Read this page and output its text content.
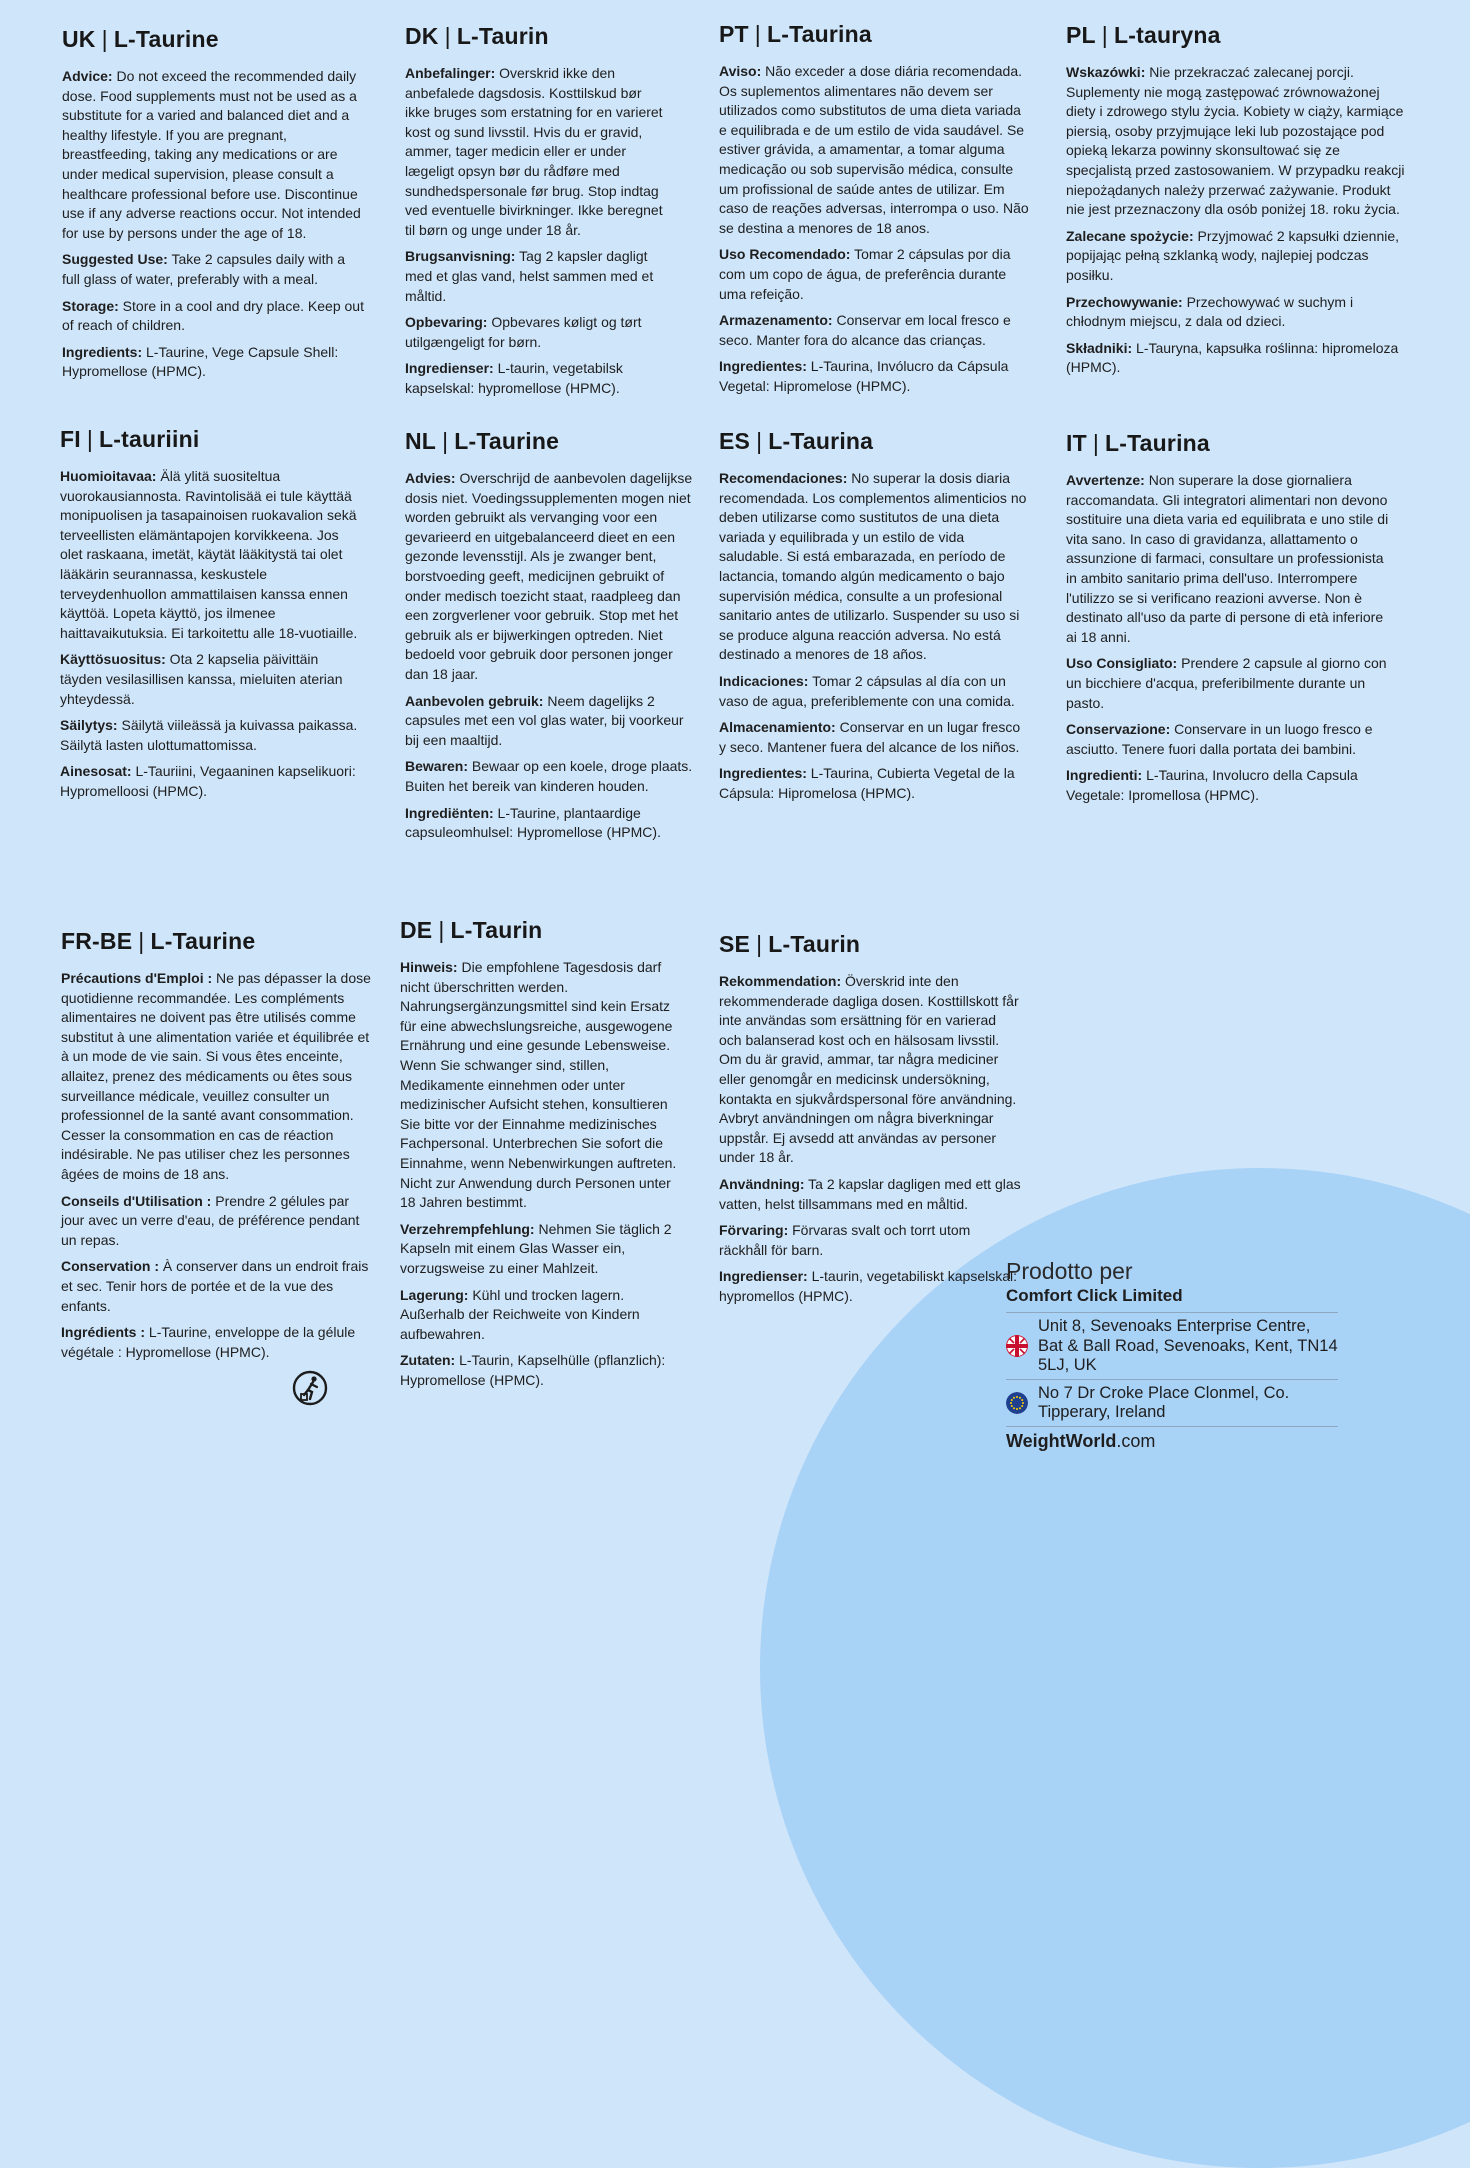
UK | L-Taurine

Advice: Do not exceed the recommended daily dose. Food supplements must not be used as a substitute for a varied and balanced diet and a healthy lifestyle. If you are pregnant, breastfeeding, taking any medications or are under medical supervision, please consult a healthcare professional before use. Discontinue use if any adverse reactions occur. Not intended for use by persons under the age of 18.

Suggested Use: Take 2 capsules daily with a full glass of water, preferably with a meal.

Storage: Store in a cool and dry place. Keep out of reach of children.

Ingredients: L-Taurine, Vege Capsule Shell: Hypromellose (HPMC).

DK | L-Taurin

Anbefalinger: Overskrid ikke den anbefalede dagsdosis. Kosttilskud bør ikke bruges som erstatning for en varieret kost og sund livsstil. Hvis du er gravid, ammer, tager medicin eller er under lægeligt opsyn bør du rådføre med sundhedspersonale før brug. Stop indtag ved eventuelle bivirkninger. Ikke beregnet til børn og unge under 18 år.

Brugsanvisning: Tag 2 kapsler dagligt med et glas vand, helst sammen med et måltid.

Opbevaring: Opbevares køligt og tørt utilgængeligt for børn.

Ingredienser: L-taurin, vegetabilsk kapselskal: hypromellose (HPMC).

PT | L-Taurina

Aviso: Não exceder a dose diária recomendada. Os suplementos alimentares não devem ser utilizados como substitutos de uma dieta variada e equilibrada e de um estilo de vida saudável. Se estiver grávida, a amamentar, a tomar alguma medicação ou sob supervisão médica, consulte um profissional de saúde antes de utilizar. Em caso de reações adversas, interrompa o uso. Não se destina a menores de 18 anos.

Uso Recomendado: Tomar 2 cápsulas por dia com um copo de água, de preferência durante uma refeição.

Armazenamento: Conservar em local fresco e seco. Manter fora do alcance das crianças.

Ingredientes: L-Taurina, Invólucro da Cápsula Vegetal: Hipromelose (HPMC).

PL | L-tauryna

Wskazówki: Nie przekraczać zalecanej porcji. Suplementy nie mogą zastępować zrównoważonej diety i zdrowego stylu życia. Kobiety w ciąży, karmiące piersią, osoby przyjmujące leki lub pozostające pod opieką lekarza powinny skonsultować się ze specjalistą przed zastosowaniem. W przypadku reakcji niepożądanych należy przerwać zażywanie. Produkt nie jest przeznaczony dla osób poniżej 18. roku życia.

Zalecane spożycie: Przyjmować 2 kapsułki dziennie, popijając pełną szklanką wody, najlepiej podczas posiłku.

Przechowywanie: Przechowywać w suchym i chłodnym miejscu, z dala od dzieci.

Składniki: L-Tauryna, kapsułka roślinna: hipromeloza (HPMC).

FI | L-tauriini

Huomioitavaa: Älä ylitä suositeltua vuorokausiannosta. Ravintolisää ei tule käyttää monipuolisen ja tasapainoisen ruokavalion sekä terveellisten elämäntapojen korvikkeena. Jos olet raskaana, imetät, käytät lääkitystä tai olet lääkärin seurannassa, keskustele terveydenhuollon ammattilaisen kanssa ennen käyttöä. Lopeta käyttö, jos ilmenee haittavaikutuksia. Ei tarkoitettu alle 18-vuotiaille.

Käyttösuositus: Ota 2 kapselia päivittäin täyden vesilasillisen kanssa, mieluiten aterian yhteydessä.

Säilytys: Säilytä viileässä ja kuivassa paikassa. Säilytä lasten ulottumattomissa.

Ainesosat: L-Tauriini, Vegaaninen kapselikuori: Hypromelloosi (HPMC).

NL | L-Taurine

Advies: Overschrijd de aanbevolen dagelijkse dosis niet. Voedingssupplementen mogen niet worden gebruikt als vervanging voor een gevarieerd en uitgebalanceerd dieet en een gezonde levensstijl. Als je zwanger bent, borstvoeding geeft, medicijnen gebruikt of onder medisch toezicht staat, raadpleeg dan een zorgverlener voor gebruik. Stop met het gebruik als er bijwerkingen optreden. Niet bedoeld voor gebruik door personen jonger dan 18 jaar.

Aanbevolen gebruik: Neem dagelijks 2 capsules met een vol glas water, bij voorkeur bij een maaltijd.

Bewaren: Bewaar op een koele, droge plaats. Buiten het bereik van kinderen houden.

Ingrediënten: L-Taurine, plantaardige capsuleomhulsel: Hypromellose (HPMC).

ES | L-Taurina

Recomendaciones: No superar la dosis diaria recomendada. Los complementos alimenticios no deben utilizarse como sustitutos de una dieta variada y equilibrada y un estilo de vida saludable. Si está embarazada, en período de lactancia, tomando algún medicamento o bajo supervisión médica, consulte a un profesional sanitario antes de utilizarlo. Suspender su uso si se produce alguna reacción adversa. No está destinado a menores de 18 años.

Indicaciones: Tomar 2 cápsulas al día con un vaso de agua, preferiblemente con una comida.

Almacenamiento: Conservar en un lugar fresco y seco. Mantener fuera del alcance de los niños.

Ingredientes: L-Taurina, Cubierta Vegetal de la Cápsula: Hipromelosa (HPMC).

IT | L-Taurina

Avvertenze: Non superare la dose giornaliera raccomandata. Gli integratori alimentari non devono sostituire una dieta varia ed equilibrata e uno stile di vita sano. In caso di gravidanza, allattamento o assunzione di farmaci, consultare un professionista in ambito sanitario prima dell'uso. Interrompere l'utilizzo se si verificano reazioni avverse. Non è destinato all'uso da parte di persone di età inferiore ai 18 anni.

Uso Consigliato: Prendere 2 capsule al giorno con un bicchiere d'acqua, preferibilmente durante un pasto.

Conservazione: Conservare in un luogo fresco e asciutto. Tenere fuori dalla portata dei bambini.

Ingredienti: L-Taurina, Involucro della Capsula Vegetale: Ipromellosa (HPMC).

FR-BE | L-Taurine

Précautions d'Emploi : Ne pas dépasser la dose quotidienne recommandée. Les compléments alimentaires ne doivent pas être utilisés comme substitut à une alimentation variée et équilibrée et à un mode de vie sain. Si vous êtes enceinte, allaitez, prenez des médicaments ou êtes sous surveillance médicale, veuillez consulter un professionnel de la santé avant consommation. Cesser la consommation en cas de réaction indésirable. Ne pas utiliser chez les personnes âgées de moins de 18 ans.

Conseils d'Utilisation : Prendre 2 gélules par jour avec un verre d'eau, de préférence pendant un repas.

Conservation : À conserver dans un endroit frais et sec. Tenir hors de portée et de la vue des enfants.

Ingrédients : L-Taurine, enveloppe de la gélule végétale : Hypromellose (HPMC).

DE | L-Taurin

Hinweis: Die empfohlene Tagesdosis darf nicht überschritten werden. Nahrungsergänzungsmittel sind kein Ersatz für eine abwechslungsreiche, ausgewogene Ernährung und eine gesunde Lebensweise. Wenn Sie schwanger sind, stillen, Medikamente einnehmen oder unter medizinischer Aufsicht stehen, konsultieren Sie bitte vor der Einnahme medizinisches Fachpersonal. Unterbrechen Sie sofort die Einnahme, wenn Nebenwirkungen auftreten. Nicht zur Anwendung durch Personen unter 18 Jahren bestimmt.

Verzehrempfehlung: Nehmen Sie täglich 2 Kapseln mit einem Glas Wasser ein, vorzugsweise zu einer Mahlzeit.

Lagerung: Kühl und trocken lagern. Außerhalb der Reichweite von Kindern aufbewahren.

Zutaten: L-Taurin, Kapselhülle (pflanzlich): Hypromellose (HPMC).

SE | L-Taurin

Rekommendation: Överskrid inte den rekommenderade dagliga dosen. Kosttillskott får inte användas som ersättning för en varierad och balanserad kost och en hälsosam livsstil. Om du är gravid, ammar, tar några mediciner eller genomgår en medicinsk undersökning, kontakta en sjukvårdspersonal före användning. Avbryt användningen om några biverkningar uppstår. Ej avsedd att användas av personer under 18 år.

Användning: Ta 2 kapslar dagligen med ett glas vatten, helst tillsammans med en måltid.

Förvaring: Förvaras svalt och torrt utom räckhåll för barn.

Ingredienser: L-taurin, vegetabiliskt kapselskal: hypromellos (HPMC).

Prodotto per

Comfort Click Limited
Unit 8, Sevenoaks Enterprise Centre, Bat & Ball Road, Sevenoaks, Kent, TN14 5LJ, UK
No 7 Dr Croke Place Clonmel, Co. Tipperary, Ireland
WeightWorld.com
